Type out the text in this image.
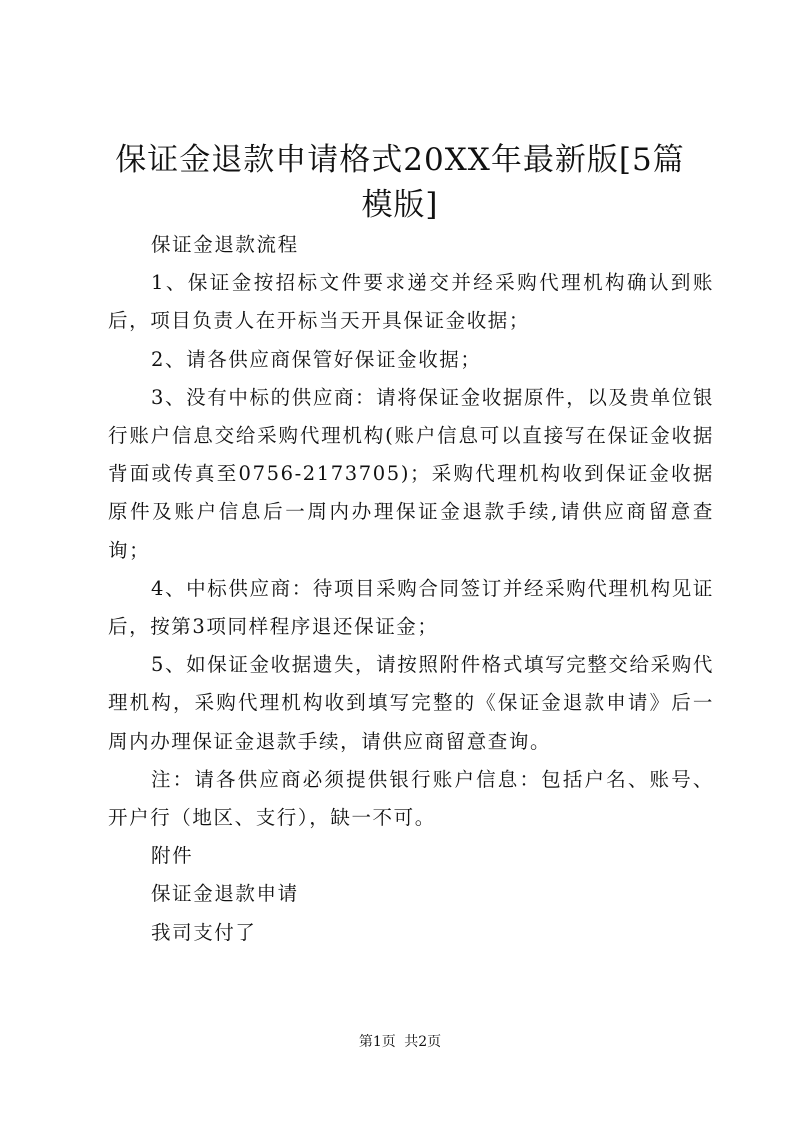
保证金退款申请格式20XX年最新版[5篇模版]

保证金退款流程

1、保证金按招标文件要求递交并经采购代理机构确认到账后，项目负责人在开标当天开具保证金收据；

2、请各供应商保管好保证金收据；

3、没有中标的供应商：请将保证金收据原件，以及贵单位银行账户信息交给采购代理机构(账户信息可以直接写在保证金收据背面或传真至0756-2173705)；采购代理机构收到保证金收据原件及账户信息后一周内办理保证金退款手续,请供应商留意查询；

4、中标供应商：待项目采购合同签订并经采购代理机构见证后，按第3项同样程序退还保证金；

5、如保证金收据遗失，请按照附件格式填写完整交给采购代理机构，采购代理机构收到填写完整的《保证金退款申请》后一周内办理保证金退款手续，请供应商留意查询。

注：请各供应商必须提供银行账户信息：包括户名、账号、开户行（地区、支行），缺一不可。

附件

保证金退款申请

我司支付了

第1页 共2页
